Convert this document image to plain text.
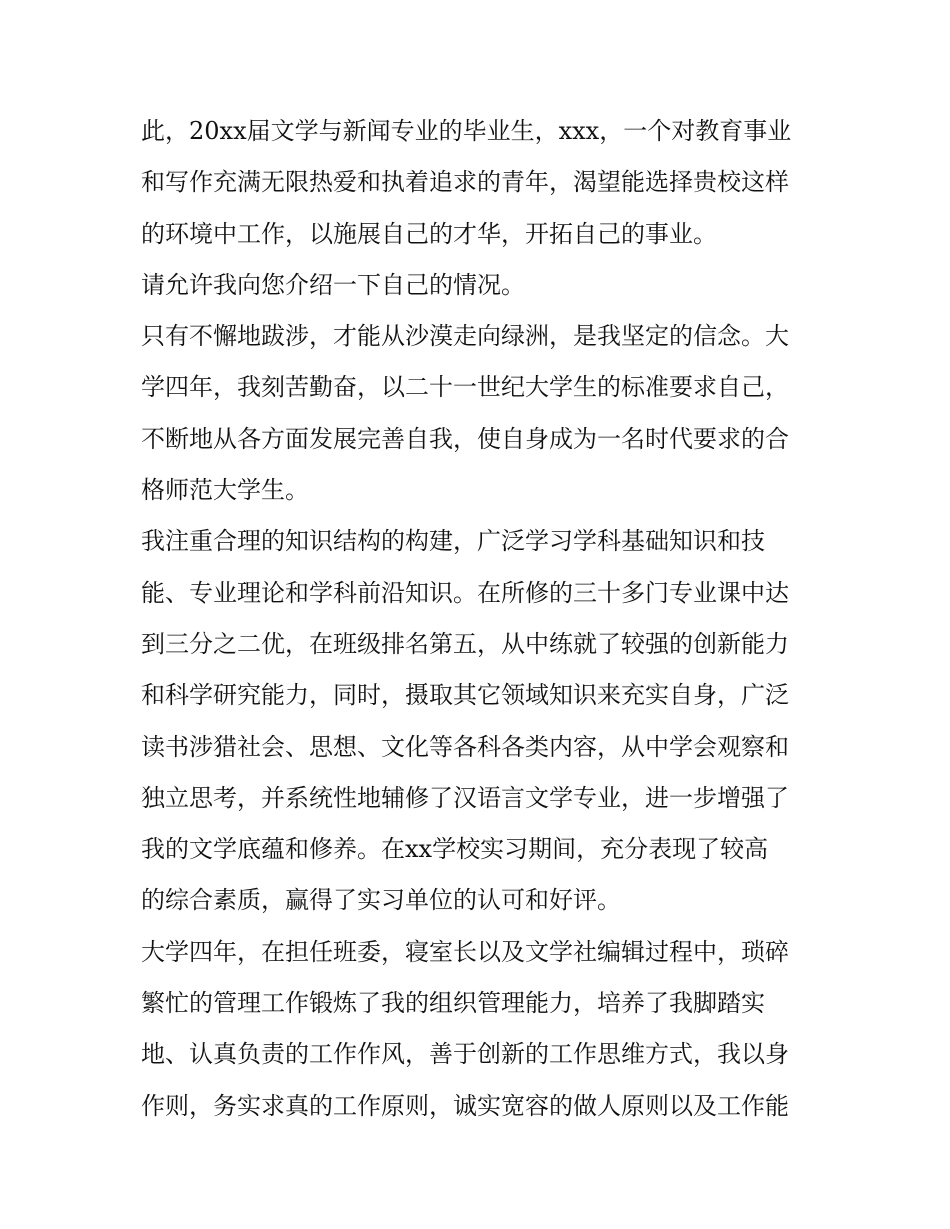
此，20xx届文学与新闻专业的毕业生，xxx，一个对教育事业
和写作充满无限热爱和执着追求的青年，渴望能选择贵校这样
的环境中工作，以施展自己的才华，开拓自己的事业。
请允许我向您介绍一下自己的情况。
只有不懈地跋涉，才能从沙漠走向绿洲，是我坚定的信念。大
学四年，我刻苦勤奋，以二十一世纪大学生的标准要求自己，
不断地从各方面发展完善自我，使自身成为一名时代要求的合
格师范大学生。
我注重合理的知识结构的构建，广泛学习学科基础知识和技
能、专业理论和学科前沿知识。在所修的三十多门专业课中达
到三分之二优，在班级排名第五，从中练就了较强的创新能力
和科学研究能力，同时，摄取其它领域知识来充实自身，广泛
读书涉猎社会、思想、文化等各科各类内容，从中学会观察和
独立思考，并系统性地辅修了汉语言文学专业，进一步增强了
我的文学底蕴和修养。在xx学校实习期间，充分表现了较高
的综合素质，赢得了实习单位的认可和好评。
大学四年，在担任班委，寝室长以及文学社编辑过程中，琐碎
繁忙的管理工作锻炼了我的组织管理能力，培养了我脚踏实
地、认真负责的工作作风，善于创新的工作思维方式，我以身
作则，务实求真的工作原则，诚实宽容的做人原则以及工作能
